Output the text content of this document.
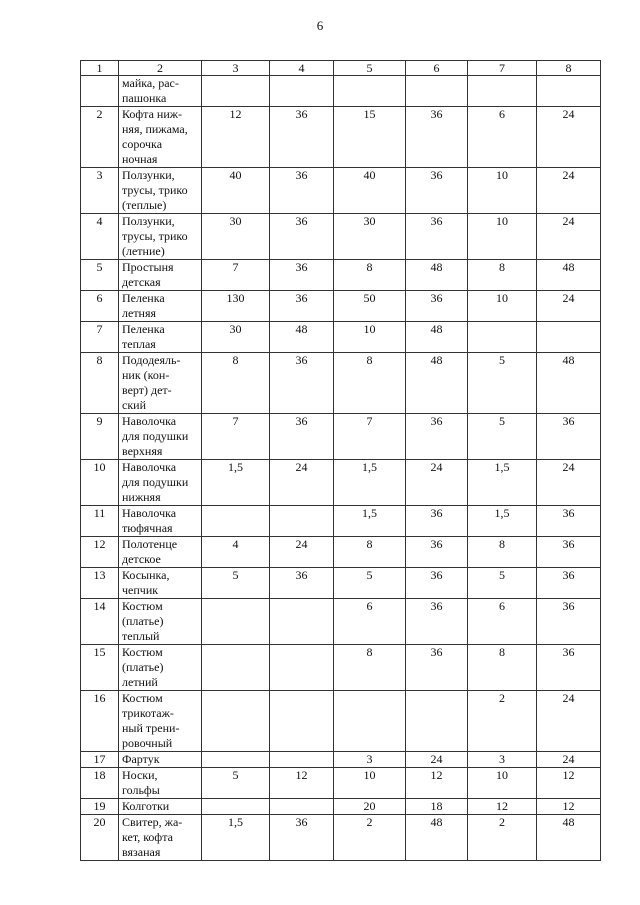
6
1	2	3	4	5	6	7	8
	майка, рас-
пашонка						
2	Кофта ниж-
няя, пижама,
сорочка
ночная	12	36	15	36	6	24
3	Ползунки,
трусы, трико
(теплые)	40	36	40	36	10	24
4	Ползунки,
трусы, трико
(летние)	30	36	30	36	10	24
5	Простыня
детская	7	36	8	48	8	48
6	Пеленка
летняя	130	36	50	36	10	24
7	Пеленка
теплая	30	48	10	48		
8	Пододеяль-
ник (кон-
верт) дет-
ский	8	36	8	48	5	48
9	Наволочка
для подушки
верхняя	7	36	7	36	5	36
10	Наволочка
для подушки
нижняя	1,5	24	1,5	24	1,5	24
11	Наволочка
тюфячная			1,5	36	1,5	36
12	Полотенце
детское	4	24	8	36	8	36
13	Косынка,
чепчик	5	36	5	36	5	36
14	Костюм
(платье)
теплый			6	36	6	36
15	Костюм
(платье)
летний			8	36	8	36
16	Костюм
трикотаж-
ный трени-
ровочный					2	24
17	Фартук			3	24	3	24
18	Носки,
гольфы	5	12	10	12	10	12
19	Колготки			20	18	12	12
20	Свитер, жа-
кет, кофта
вязаная	1,5	36	2	48	2	48
